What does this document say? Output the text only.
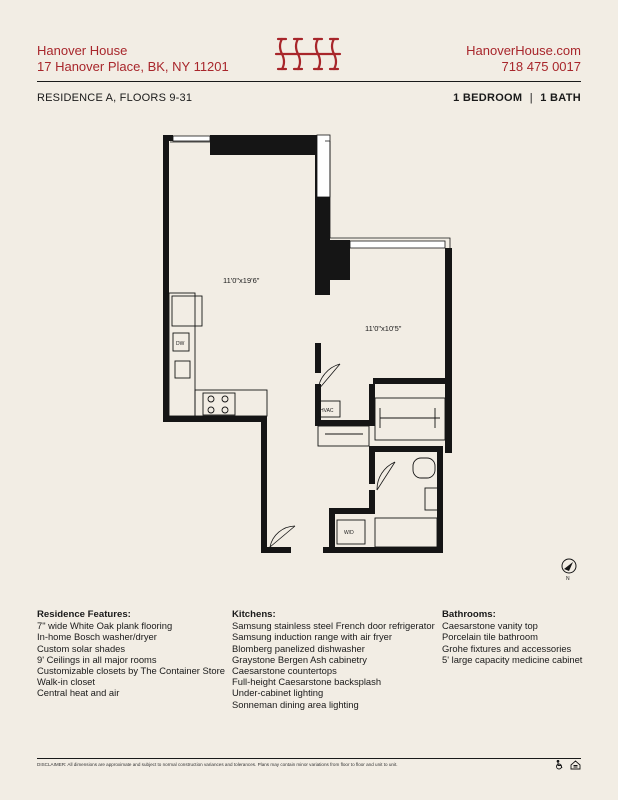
Hanover House
17 Hanover Place, BK, NY 11201
HanoverHouse.com
718 475 0017
RESIDENCE A, FLOORS 9-31	1 BEDROOM | 1 BATH
11'0"x19'6"
11'0"x10'5"
DW
HVAC
W/D
N
Residence Features:
7" wide White Oak plank flooring
In-home Bosch washer/dryer
Custom solar shades
9' Ceilings in all major rooms
Customizable closets by The Container Store
Walk-in closet
Central heat and air
Kitchens:
Samsung stainless steel French door refrigerator
Samsung induction range with air fryer
Blomberg panelized dishwasher
Graystone Bergen Ash cabinetry
Caesarstone countertops
Full-height Caesarstone backsplash
Under-cabinet lighting
Sonneman dining area lighting
Bathrooms:
Caesarstone vanity top
Porcelain tile bathroom
Grohe fixtures and accessories
5' large capacity medicine cabinet
DISCLAIMER: All dimensions are approximate and subject to normal construction variances and tolerances. Plans may contain minor variations from floor to floor and unit to unit.
